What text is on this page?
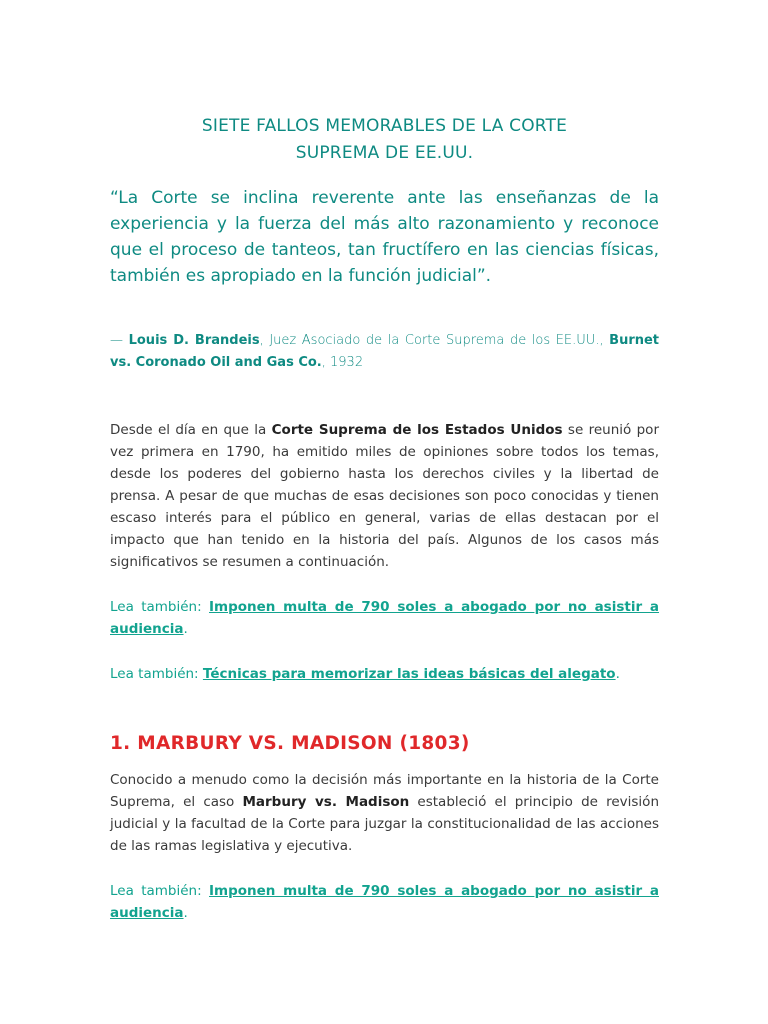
SIETE FALLOS MEMORABLES DE LA CORTE
SUPREMA DE EE.UU.

“La Corte se inclina reverente ante las enseñanzas de la experiencia y la fuerza del más alto razonamiento y reconoce que el proceso de tanteos, tan fructífero en las ciencias físicas, también es apropiado en la función judicial”.

— Louis D. Brandeis, Juez Asociado de la Corte Suprema de los EE.UU., Burnet vs. Coronado Oil and Gas Co., 1932

Desde el día en que la Corte Suprema de los Estados Unidos se reunió por vez primera en 1790, ha emitido miles de opiniones sobre todos los temas, desde los poderes del gobierno hasta los derechos civiles y la libertad de prensa. A pesar de que muchas de esas decisiones son poco conocidas y tienen escaso interés para el público en general, varias de ellas destacan por el impacto que han tenido en la historia del país. Algunos de los casos más significativos se resumen a continuación.

Lea también: Imponen multa de 790 soles a abogado por no asistir a audiencia.

Lea también: Técnicas para memorizar las ideas básicas del alegato.

1. MARBURY VS. MADISON (1803)

Conocido a menudo como la decisión más importante en la historia de la Corte Suprema, el caso Marbury vs. Madison estableció el principio de revisión judicial y la facultad de la Corte para juzgar la constitucionalidad de las acciones de las ramas legislativa y ejecutiva.

Lea también: Imponen multa de 790 soles a abogado por no asistir a audiencia.
